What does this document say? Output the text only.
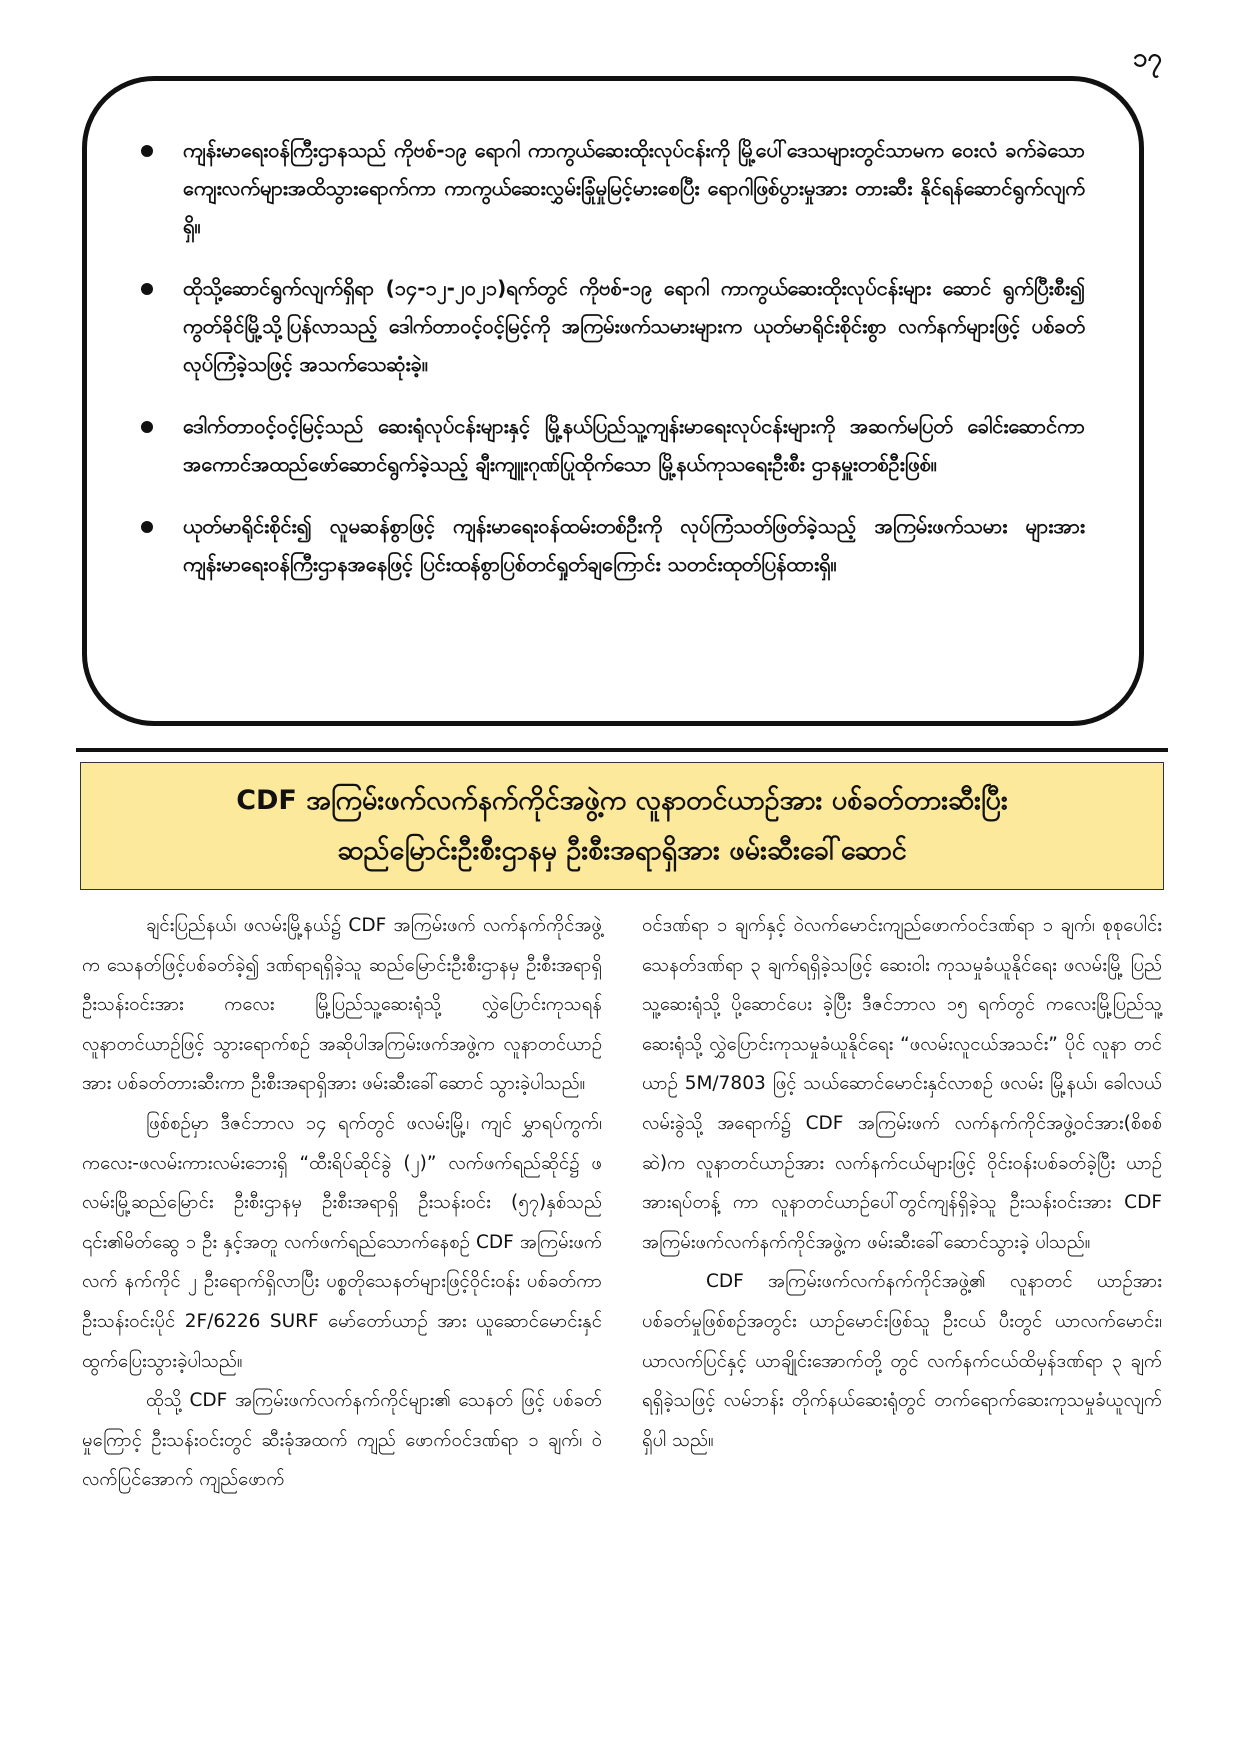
၁၇
ကျန်းမာရေးဝန်ကြီးဌာနသည် ကိုဗစ်-၁၉ ရောဂါ ကာကွယ်ဆေးထိုးလုပ်ငန်းကို မြို့ပေါ်ဒေသများတွင်သာမက ဝေးလံ ခက်ခဲသော ကျေးလက်များအထိသွားရောက်ကာ ကာကွယ်ဆေးလွှမ်းခြုံမှုမြင့်မားစေပြီး ရောဂါဖြစ်ပွားမှုအား တားဆီး နိုင်ရန်ဆောင်ရွက်လျက်ရှိ။
ထိုသို့ဆောင်ရွက်လျက်ရှိရာ (၁၄-၁၂-၂၀၂၁)ရက်တွင် ကိုဗစ်-၁၉ ရောဂါ ကာကွယ်ဆေးထိုးလုပ်ငန်းများ ဆောင် ရွက်ပြီးစီး၍ ကွတ်ခိုင်မြို့သို့ပြန်လာသည့် ဒေါက်တာဝင့်ဝင့်မြင့်ကို အကြမ်းဖက်သမားများက ယုတ်မာရိုင်းစိုင်းစွာ လက်နက်များဖြင့် ပစ်ခတ်လုပ်ကြံခဲ့သဖြင့် အသက်သေဆုံးခဲ့။
ဒေါက်တာဝင့်ဝင့်မြင့်သည် ဆေးရုံလုပ်ငန်းများနှင့် မြို့နယ်ပြည်သူ့ကျန်းမာရေးလုပ်ငန်းများကို အဆက်မပြတ် ခေါင်းဆောင်ကာ အကောင်အထည်ဖော်ဆောင်ရွက်ခဲ့သည့် ချီးကျူးဂုဏ်ပြုထိုက်သော မြို့နယ်ကုသရေးဦးစီး ဌာနမှူးတစ်ဦးဖြစ်။
ယုတ်မာရိုင်းစိုင်း၍ လူမဆန်စွာဖြင့် ကျန်းမာရေးဝန်ထမ်းတစ်ဦးကို လုပ်ကြံသတ်ဖြတ်ခဲ့သည့် အကြမ်းဖက်သမား များအား ကျန်းမာရေးဝန်ကြီးဌာနအနေဖြင့် ပြင်းထန်စွာပြစ်တင်ရှုတ်ချကြောင်း သတင်းထုတ်ပြန်ထားရှိ။
CDF အကြမ်းဖက်လက်နက်ကိုင်အဖွဲ့က လူနာတင်ယာဉ်အား ပစ်ခတ်တားဆီးပြီး
ဆည်မြောင်းဦးစီးဌာနမှ ဦးစီးအရာရှိအား ဖမ်းဆီးခေါ်ဆောင်

ချင်းပြည်နယ်၊ ဖလမ်းမြို့နယ်၌ CDF အကြမ်းဖက် လက်နက်ကိုင်အဖွဲ့က သေနတ်ဖြင့်ပစ်ခတ်ခဲ့၍ ဒဏ်ရာရရှိခဲ့သူ ဆည်မြောင်းဦးစီးဌာနမှ ဦးစီးအရာရှိ ဦးသန်းဝင်းအား ကလေး မြို့ပြည်သူ့ဆေးရုံသို့ လွှဲပြောင်းကုသရန် လူနာတင်ယာဉ်ဖြင့် သွားရောက်စဉ် အဆိုပါအကြမ်းဖက်အဖွဲ့က လူနာတင်ယာဉ် အား ပစ်ခတ်တားဆီးကာ ဦးစီးအရာရှိအား ဖမ်းဆီးခေါ်ဆောင် သွားခဲ့ပါသည်။

ဖြစ်စဉ်မှာ ဒီဇင်ဘာလ ၁၄ ရက်တွင် ဖလမ်းမြို့၊ ကျင် မွှာရပ်ကွက်၊ ကလေး-ဖလမ်းကားလမ်းဘေးရှိ “ထီးရိပ်ဆိုင်ခွဲ (၂)” လက်ဖက်ရည်ဆိုင်၌ ဖလမ်းမြို့ဆည်မြောင်း ဦးစီးဌာနမှ ဦးစီးအရာရှိ ဦးသန်းဝင်း (၅၇)နှစ်သည် ၎င်း၏မိတ်ဆွေ ၁ ဦး နှင့်အတူ လက်ဖက်ရည်သောက်နေစဉ် CDF အကြမ်းဖက်လက် နက်ကိုင် ၂ ဦးရောက်ရှိလာပြီး ပစ္စတိုသေနတ်များဖြင့်ဝိုင်းဝန်း ပစ်ခတ်ကာ ဦးသန်းဝင်းပိုင် 2F/6226 SURF မော်တော်ယာဉ် အား ယူဆောင်မောင်းနှင်ထွက်ပြေးသွားခဲ့ပါသည်။

ထိုသို့ CDF အကြမ်းဖက်လက်နက်ကိုင်များ၏ သေနတ် ဖြင့် ပစ်ခတ်မှုကြောင့် ဦးသန်းဝင်းတွင် ဆီးခုံအထက် ကျည် ဖောက်ဝင်ဒဏ်ရာ ၁ ချက်၊ ဝဲလက်ပြင်အောက် ကျည်ဖောက်

ဝင်ဒဏ်ရာ ၁ ချက်နှင့် ဝဲလက်မောင်းကျည်ဖောက်ဝင်ဒဏ်ရာ ၁ ချက်၊ စုစုပေါင်း သေနတ်ဒဏ်ရာ ၃ ချက်ရရှိခဲ့သဖြင့် ဆေးဝါး ကုသမှုခံယူနိုင်ရေး ဖလမ်းမြို့ ပြည်သူ့ဆေးရုံသို့ ပို့ဆောင်ပေး ခဲ့ပြီး ဒီဇင်ဘာလ ၁၅ ရက်တွင် ကလေးမြို့ပြည်သူ့ ဆေးရုံသို့ လွှဲပြောင်းကုသမှုခံယူနိုင်ရေး “ဖလမ်းလူငယ်အသင်း” ပိုင် လူနာ တင်ယာဉ် 5M/7803 ဖြင့် သယ်ဆောင်မောင်းနှင်လာစဉ် ဖလမ်း မြို့နယ်၊ ခေါလယ်လမ်းခွဲသို့ အရောက်၌ CDF အကြမ်းဖက် လက်နက်ကိုင်အဖွဲ့ဝင်အား(စိစစ်ဆဲ)က လူနာတင်ယာဉ်အား လက်နက်ငယ်များဖြင့် ဝိုင်းဝန်းပစ်ခတ်ခဲ့ပြီး ယာဉ်အားရပ်တန့် ကာ လူနာတင်ယာဉ်ပေါ်တွင်ကျန်ရှိခဲ့သူ ဦးသန်းဝင်းအား CDF အကြမ်းဖက်လက်နက်ကိုင်အဖွဲ့က ဖမ်းဆီးခေါ်ဆောင်သွားခဲ့ ပါသည်။

CDF အကြမ်းဖက်လက်နက်ကိုင်အဖွဲ့၏ လူနာတင် ယာဉ်အား ပစ်ခတ်မှုဖြစ်စဉ်အတွင်း ယာဉ်မောင်းဖြစ်သူ ဦးငယ် ပီးတွင် ယာလက်မောင်း၊ ယာလက်ပြင်နှင့် ယာချိုင်းအောက်တို့ တွင် လက်နက်ငယ်ထိမှန်ဒဏ်ရာ ၃ ချက်ရရှိခဲ့သဖြင့် လမ်ဘန်း တိုက်နယ်ဆေးရုံတွင် တက်ရောက်ဆေးကုသမှုခံယူလျက်ရှိပါ သည်။
